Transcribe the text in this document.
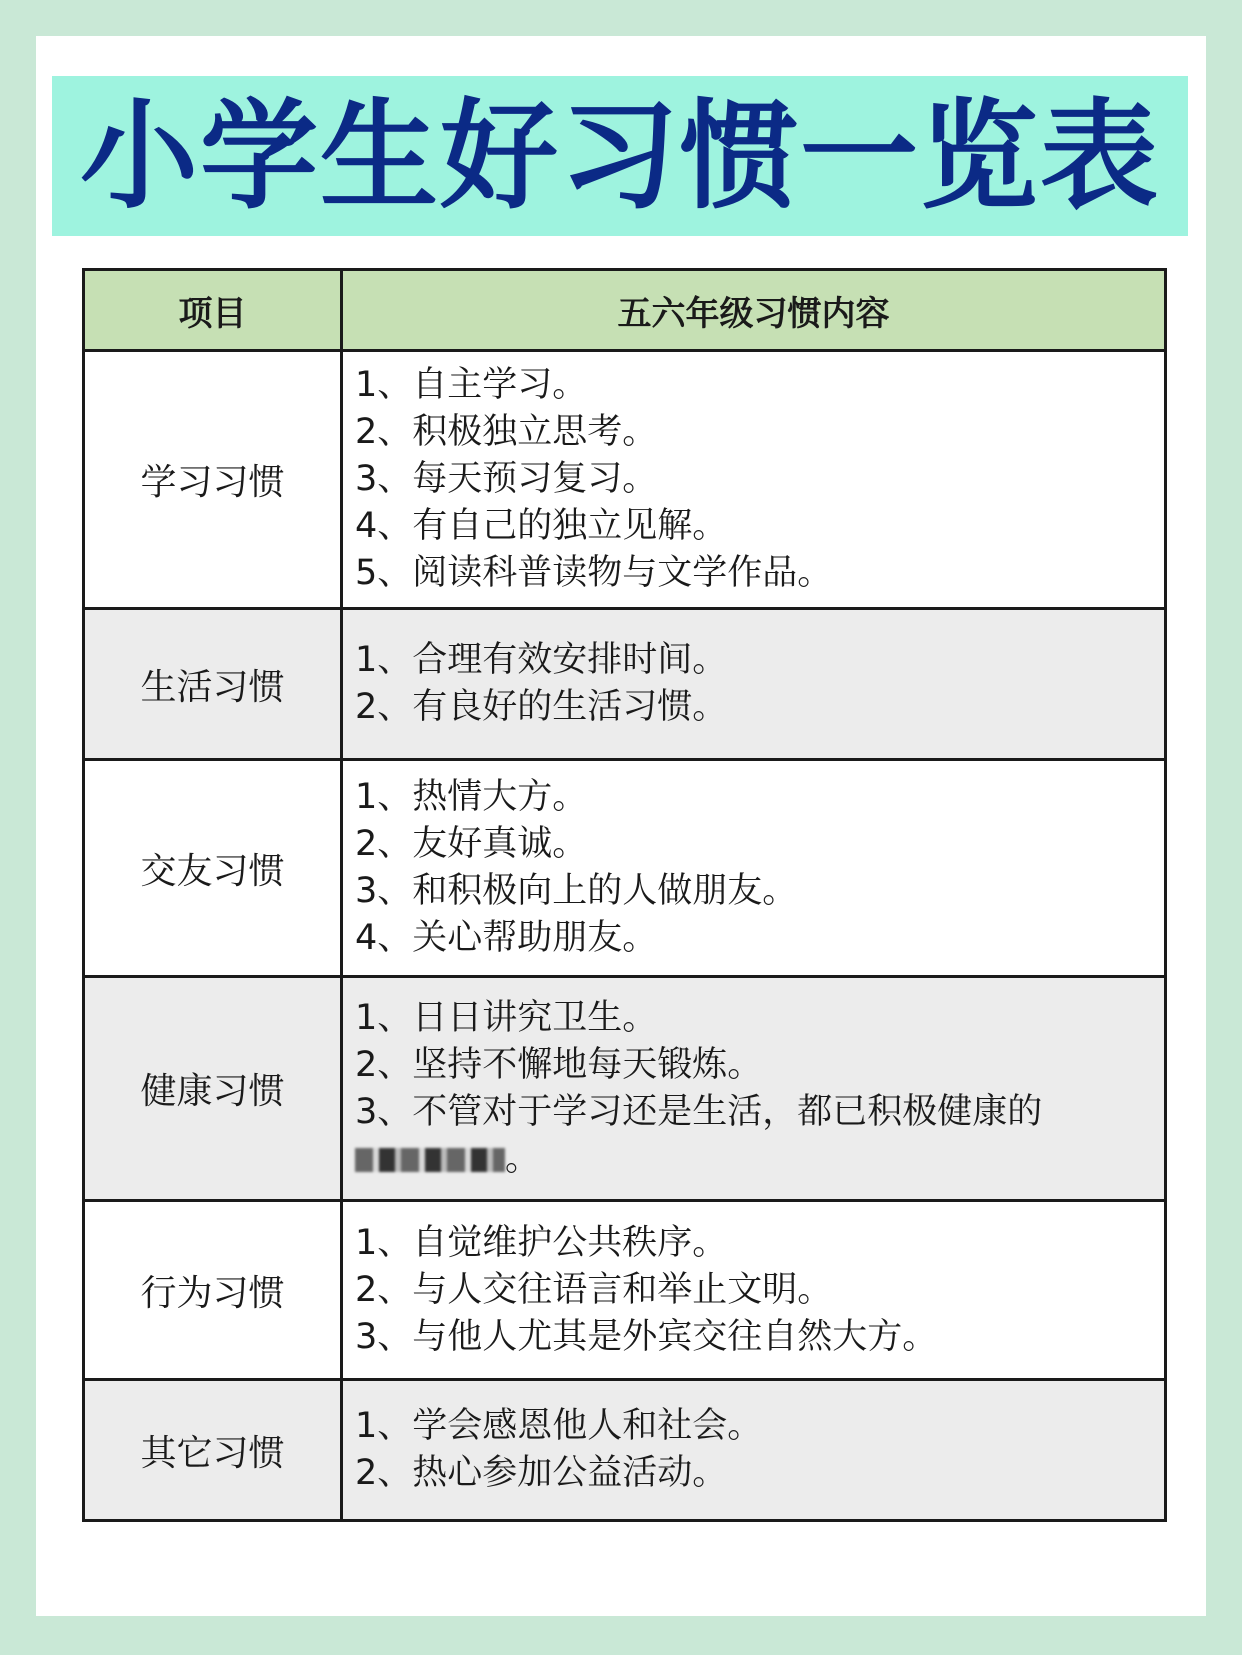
小学生好习惯一览表
项目	五六年级习惯内容
学习习惯	1、自主学习。
2、积极独立思考。
3、每天预习复习。
4、有自己的独立见解。
5、阅读科普读物与文学作品。

生活习惯	1、合理有效安排时间。
2、有良好的生活习惯。

交友习惯	1、热情大方。
2、友好真诚。
3、和积极向上的人做朋友。
4、关心帮助朋友。

健康习惯	1、日日讲究卫生。
2、坚持不懈地每天锻炼。
3、不管对于学习还是生活，都已积极健康的
。

行为习惯	1、自觉维护公共秩序。
2、与人交往语言和举止文明。
3、与他人尤其是外宾交往自然大方。

其它习惯	1、学会感恩他人和社会。
2、热心参加公益活动。
